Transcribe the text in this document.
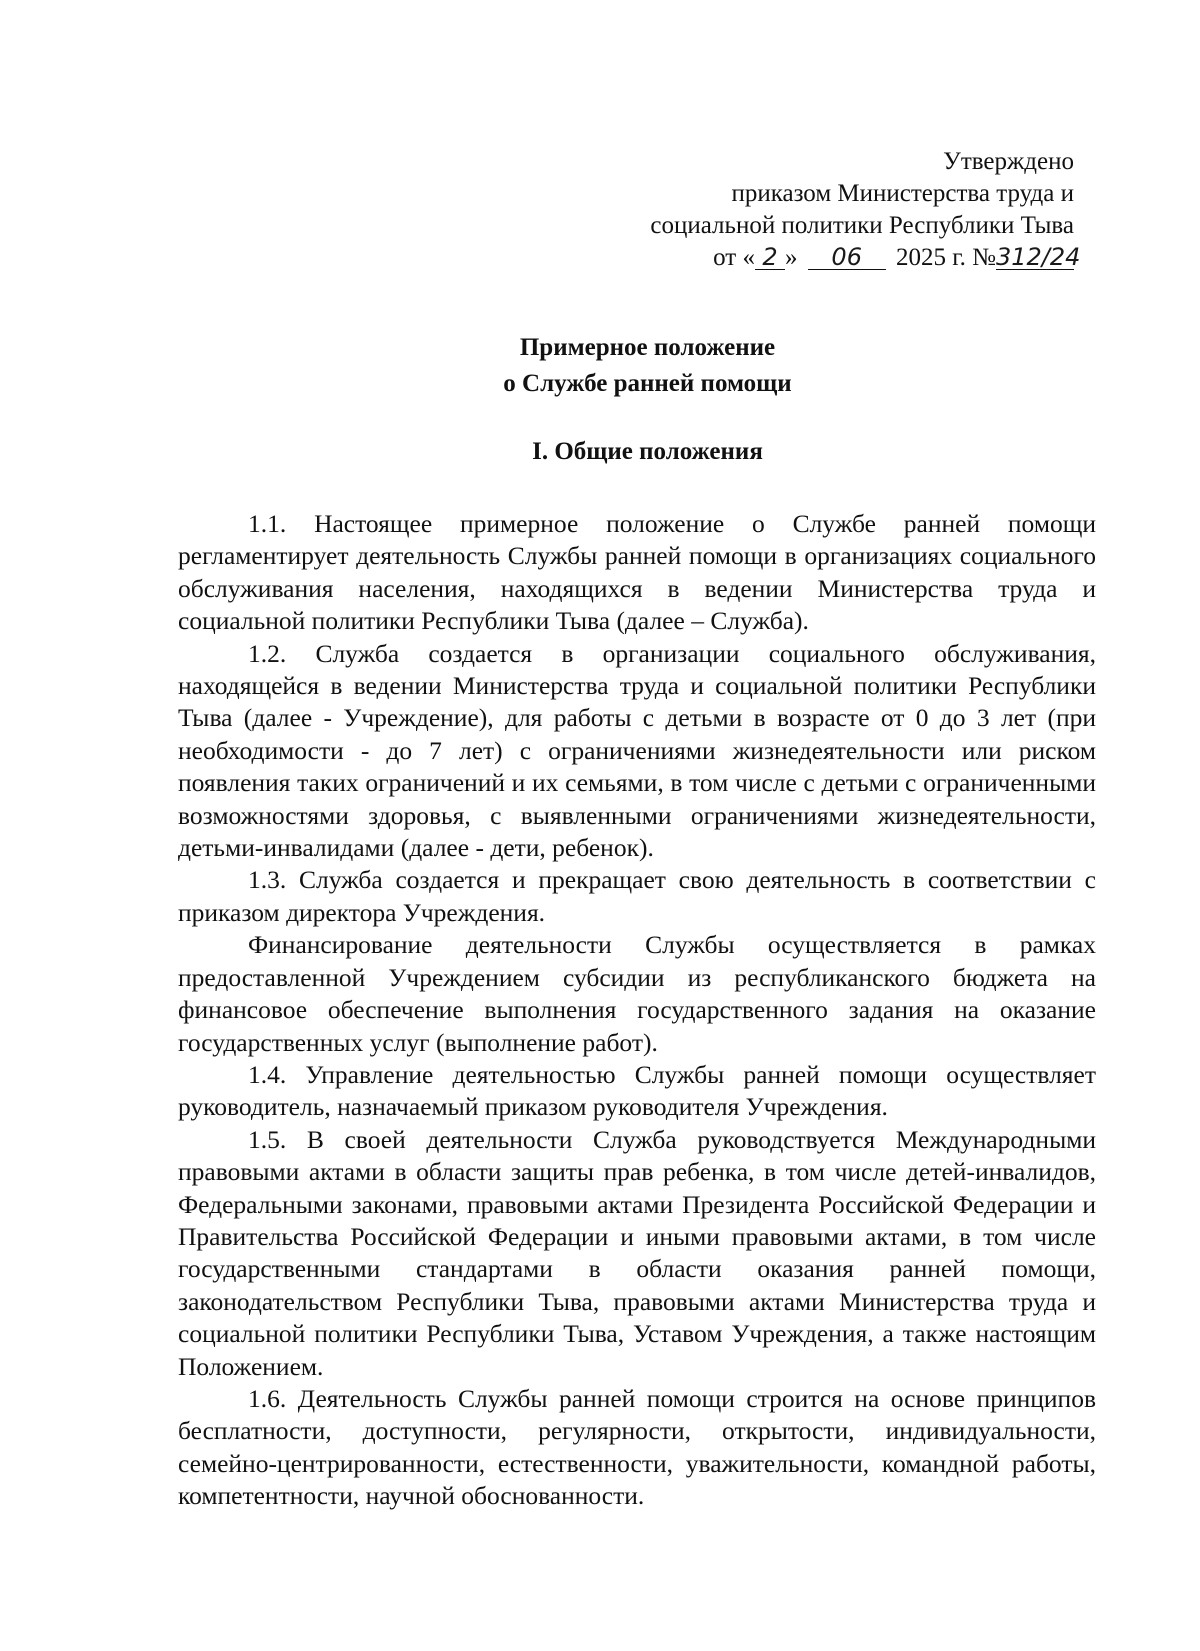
Утверждено
приказом Министерства труда и
социальной политики Республики Тыва
от « 2 » 06 2025 г. №312/24
Примерное положение
о Службе ранней помощи
I. Общие положения

1.1. Настоящее примерное положение о Службе ранней помощи регламентирует деятельность Службы ранней помощи в организациях социального обслуживания населения, находящихся в ведении Министерства труда и социальной политики Республики Тыва (далее – Служба).

1.2. Служба создается в организации социального обслуживания, находящейся в ведении Министерства труда и социальной политики Республики Тыва (далее - Учреждение), для работы с детьми в возрасте от 0 до 3 лет (при необходимости - до 7 лет) с ограничениями жизнедеятельности или риском появления таких ограничений и их семьями, в том числе с детьми с ограниченными возможностями здоровья, с выявленными ограничениями жизнедеятельности, детьми-инвалидами (далее - дети, ребенок).

1.3. Служба создается и прекращает свою деятельность в соответствии с приказом директора Учреждения.

Финансирование деятельности Службы осуществляется в рамках предоставленной Учреждением субсидии из республиканского бюджета на финансовое обеспечение выполнения государственного задания на оказание государственных услуг (выполнение работ).

1.4. Управление деятельностью Службы ранней помощи осуществляет руководитель, назначаемый приказом руководителя Учреждения.

1.5. В своей деятельности Служба руководствуется Международными правовыми актами в области защиты прав ребенка, в том числе детей-инвалидов, Федеральными законами, правовыми актами Президента Российской Федерации и Правительства Российской Федерации и иными правовыми актами, в том числе государственными стандартами в области оказания ранней помощи, законодательством Республики Тыва, правовыми актами Министерства труда и социальной политики Республики Тыва, Уставом Учреждения, а также настоящим Положением.

1.6. Деятельность Службы ранней помощи строится на основе принципов бесплатности, доступности, регулярности, открытости, индивидуальности, семейно-центрированности, естественности, уважительности, командной работы, компетентности, научной обоснованности.
